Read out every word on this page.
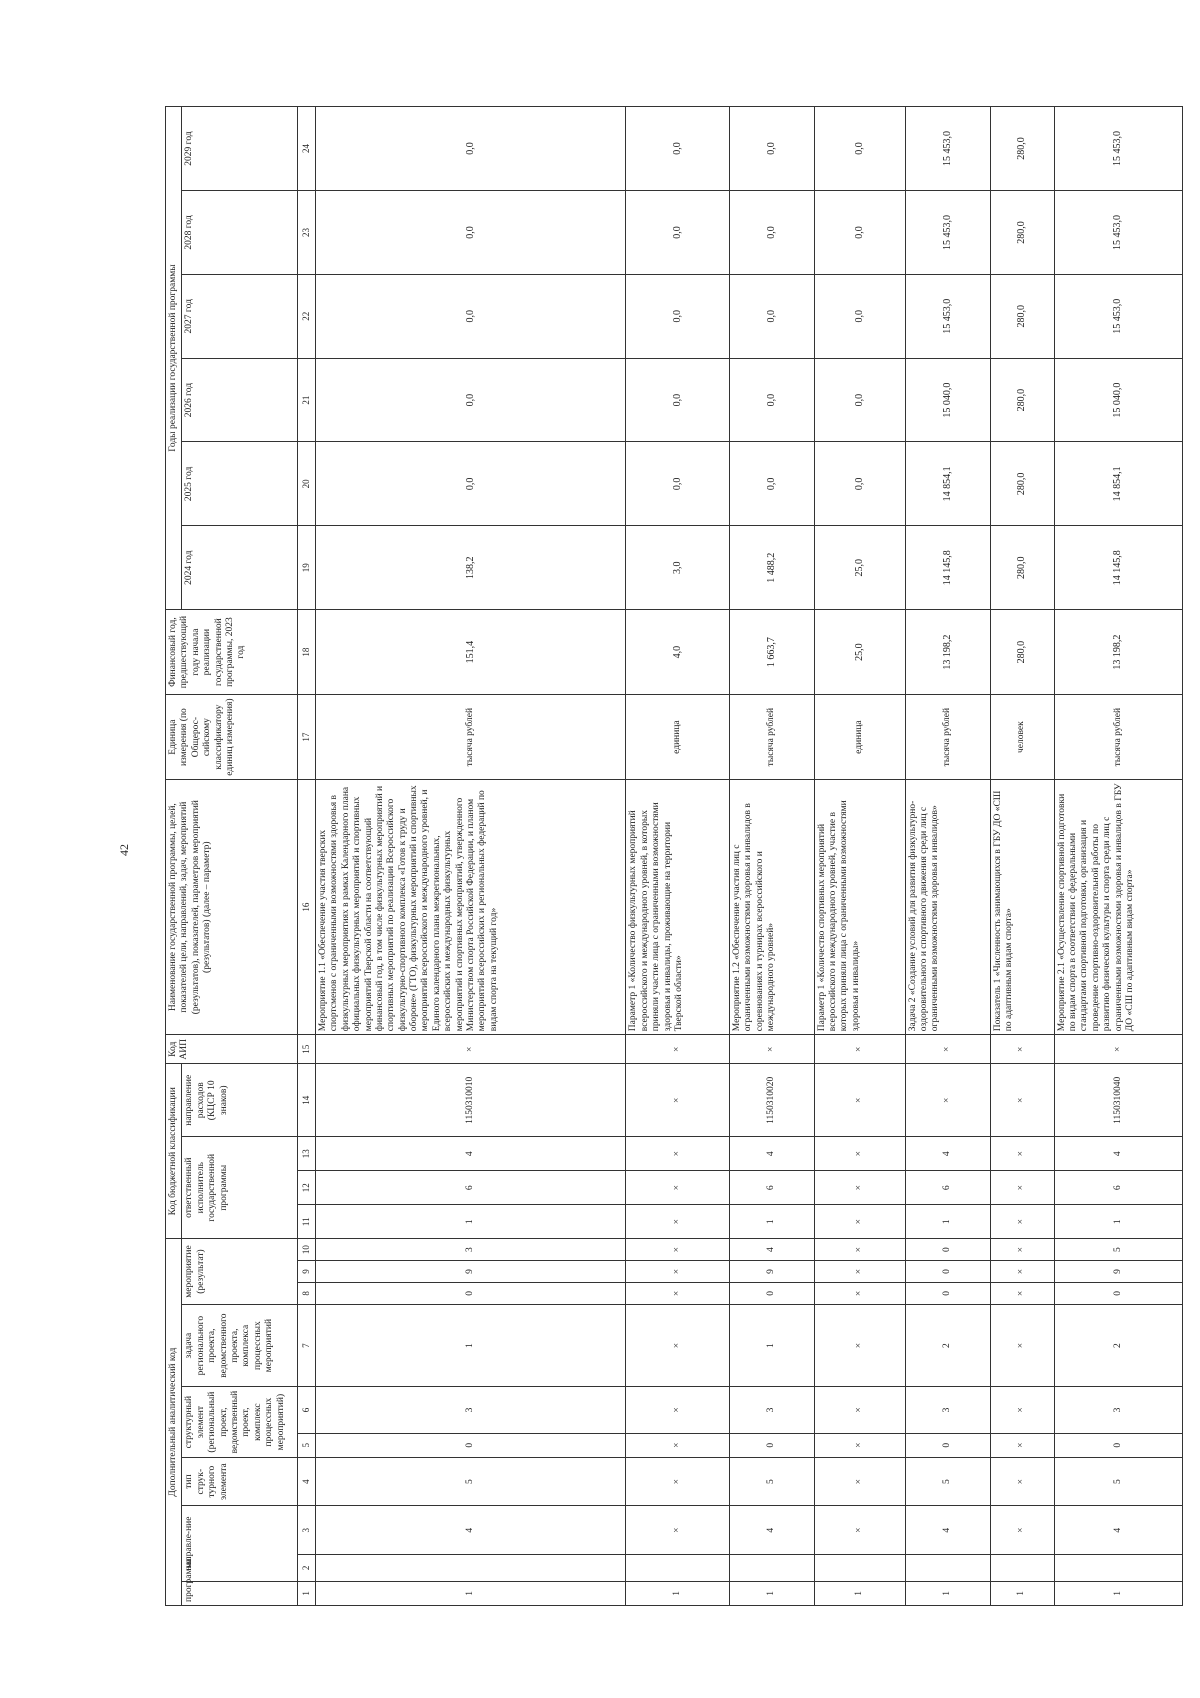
42
Дополнительный аналитический код										Код бюджетной классификации				Код АИП	Наименование государственной программы, целей, показателей цели, направлений, задач, мероприятий (результатов), показателей, параметров мероприятий (результатов) (далее – параметр)	Единица измерения (по Общерос-сийскому классификатору единиц измерения)	Финансовый год, предшествующий году начала реализации государственной программы, 2023 год	Годы реализации государственной программы					
программа	направле-ние		тип струк-турного элемента	структурный элемент (региональный проект, ведомственный проект, комплекс процессных мероприятий)		задача регионального проекта, ведомственного проекта, комплекса процессных мероприятий	мероприятие (результат)			ответственный исполнитель государственной программы			направление расходов (КЦСР 10 знаков)					2024 год	2025 год	2026 год	2027 год	2028 год	2029 год

1	2	3	4	5	6	7	8	9	10	11	12	13	14	15	16	17	18	19	20	21	22	23	24
1		4	5	0	3	1	0	9	3	1	6	4	1150310010	×	Мероприятие 1.1 «Обеспечение участия тверских спортсменов с ограниченными возможностями здоровья в физкультурных мероприятиях в рамках Календарного плана официальных физкультурных мероприятий и спортивных мероприятий Тверской области на соответствующий финансовый год, в том числе физкультурных мероприятий и спортивных мероприятий по реализации Всероссийского физкультурно-спортивного комплекса «Готов к труду и обороне» (ГТО), физкультурных мероприятий и спортивных мероприятий всероссийского и международного уровней, и Единого календарного плана межрегиональных, всероссийских и международных физкультурных мероприятий и спортивных мероприятий, утвержденного Министерством спорта Российской Федерации, и планом мероприятий всероссийских и региональных федераций по видам спорта на текущий год»	тысяча рублей	151,4	138,2	0,0	0,0	0,0	0,0	0,0
1		×	×	×	×	×	×	×	×	×	×	×	×	×	Параметр 1 «Количество физкультурных мероприятий всероссийского и международного уровней, в которых приняли участие лица с ограниченными возможностями здоровья и инвалиды, проживающие на территории Тверской области»	единица	4,0	3,0	0,0	0,0	0,0	0,0	0,0
1		4	5	0	3	1	0	9	4	1	6	4	1150310020	×	Мероприятие 1.2 «Обеспечение участия лиц с ограниченными возможностями здоровья и инвалидов в соревнованиях и турнирах всероссийского и международного уровней»	тысяча рублей	1 663,7	1 488,2	0,0	0,0	0,0	0,0	0,0
1		×	×	×	×	×	×	×	×	×	×	×	×	×	Параметр 1 «Количество спортивных мероприятий всероссийского и международного уровней, участие в которых приняли лица с ограниченными возможностями здоровья и инвалиды»	единица	25,0	25,0	0,0	0,0	0,0	0,0	0,0
1		4	5	0	3	2	0	0	0	1	6	4	×	×	Задача 2 «Создание условий для развития физкультурно-оздоровительного и спортивного движения среди лиц с ограниченными возможностями здоровья и инвалидов»	тысяча рублей	13 198,2	14 145,8	14 854,1	15 040,0	15 453,0	15 453,0	15 453,0
1		×	×	×	×	×	×	×	×	×	×	×	×	×	Показатель 1 «Численность занимающихся в ГБУ ДО «СШ по адаптивным видам спорта»	человек	280,0	280,0	280,0	280,0	280,0	280,0	280,0
1		4	5	0	3	2	0	9	5	1	6	4	1150310040	×	Мероприятие 2.1 «Осуществление спортивной подготовки по видам спорта в соответствии с федеральными стандартами спортивной подготовки, организация и проведение спортивно-оздоровительной работы по развитию физической культуры и спорта среди лиц с ограниченными возможностями здоровья и инвалидов в ГБУ ДО «СШ по адаптивным видам спорта»	тысяча рублей	13 198,2	14 145,8	14 854,1	15 040,0	15 453,0	15 453,0	15 453,0
